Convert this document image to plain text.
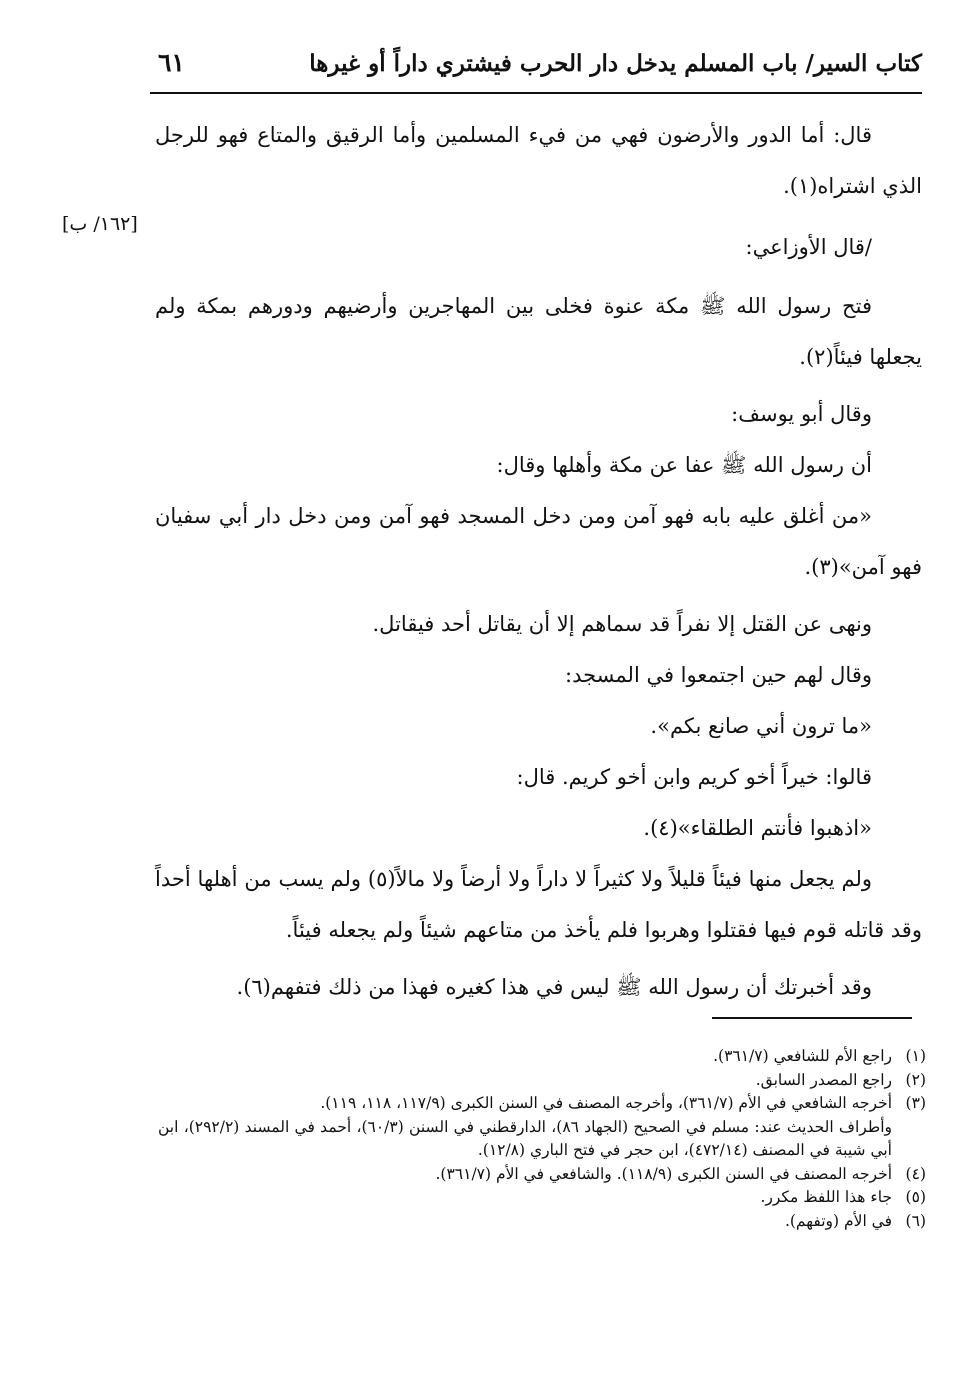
كتاب السير/ باب المسلم يدخل دار الحرب فيشتري داراً أو غيرها
٦١
[١٦٢/ ب]

قال: أما الدور والأرضون فهي من فيء المسلمين وأما الرقيق والمتاع فهو للرجل الذي اشتراه(١).

/قال الأوزاعي:

فتح رسول الله ﷺ مكة عنوة فخلى بين المهاجرين وأرضيهم ودورهم بمكة ولم يجعلها فيئاً(٢).

وقال أبو يوسف:

أن رسول الله ﷺ عفا عن مكة وأهلها وقال:

«من أغلق عليه بابه فهو آمن ومن دخل المسجد فهو آمن ومن دخل دار أبي سفيان فهو آمن»(٣).

ونهى عن القتل إلا نفراً قد سماهم إلا أن يقاتل أحد فيقاتل.

وقال لهم حين اجتمعوا في المسجد:

«ما ترون أني صانع بكم».

قالوا: خيراً أخو كريم وابن أخو كريم. قال:

«اذهبوا فأنتم الطلقاء»(٤).

ولم يجعل منها فيئاً قليلاً ولا كثيراً لا داراً ولا أرضاً ولا مالاً(٥) ولم يسب من أهلها أحداً وقد قاتله قوم فيها فقتلوا وهربوا فلم يأخذ من متاعهم شيئاً ولم يجعله فيئاً.

وقد أخبرتك أن رسول الله ﷺ ليس في هذا كغيره فهذا من ذلك فتفهم(٦).

(١)راجع الأم للشافعي (٣٦١/٧).

(٢)راجع المصدر السابق.

(٣)أخرجه الشافعي في الأم (٣٦١/٧)، وأخرجه المصنف في السنن الكبرى (١١٧/٩، ١١٨، ١١٩).

وأطراف الحديث عند: مسلم في الصحيح (الجهاد ٨٦)، الدارقطني في السنن (٦٠/٣)، أحمد في المسند (٢٩٢/٢)، ابن أبي شيبة في المصنف (٤٧٢/١٤)، ابن حجر في فتح الباري (١٢/٨).

(٤)أخرجه المصنف في السنن الكبرى (١١٨/٩). والشافعي في الأم (٣٦١/٧).

(٥)جاء هذا اللفظ مكرر.

(٦)في الأم (وتفهم).
